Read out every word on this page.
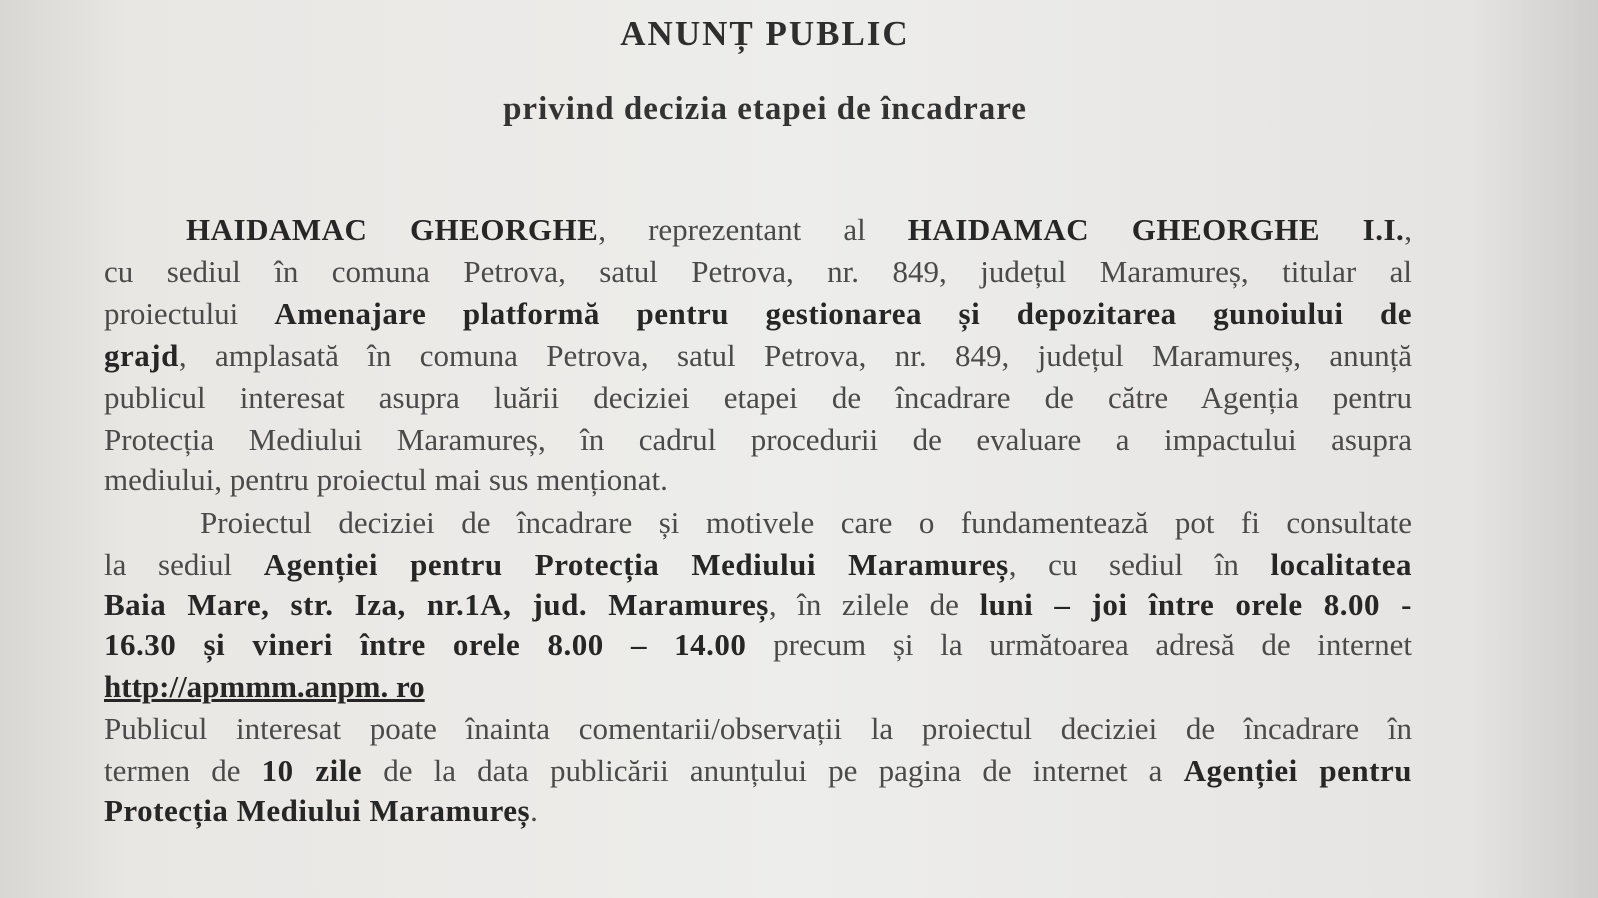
ANUNȚ PUBLIC
privind decizia etapei de încadrare
HAIDAMAC GHEORGHE, reprezentant al HAIDAMAC GHEORGHE I.I.,
cu sediul în comuna Petrova, satul Petrova, nr. 849, județul Maramureș, titular al
proiectului Amenajare platformă pentru gestionarea și depozitarea gunoiului de
grajd, amplasată în comuna Petrova, satul Petrova, nr. 849, județul Maramureș, anunță
publicul interesat asupra luării deciziei etapei de încadrare de către Agenția pentru
Protecția Mediului Maramureș, în cadrul procedurii de evaluare a impactului asupra
mediului, pentru proiectul mai sus menționat.
Proiectul deciziei de încadrare și motivele care o fundamentează pot fi consultate
la sediul Agenției pentru Protecția Mediului Maramureș, cu sediul în localitatea
Baia Mare, str. Iza, nr.1A, jud. Maramureș, în zilele de luni – joi între orele 8.00 -
16.30 și vineri între orele 8.00 – 14.00 precum și la următoarea adresă de internet
http://apmmm.anpm. ro
Publicul interesat poate înainta comentarii/observații la proiectul deciziei de încadrare în
termen de 10 zile de la data publicării anunțului pe pagina de internet a Agenției pentru
Protecția Mediului Maramureș.
